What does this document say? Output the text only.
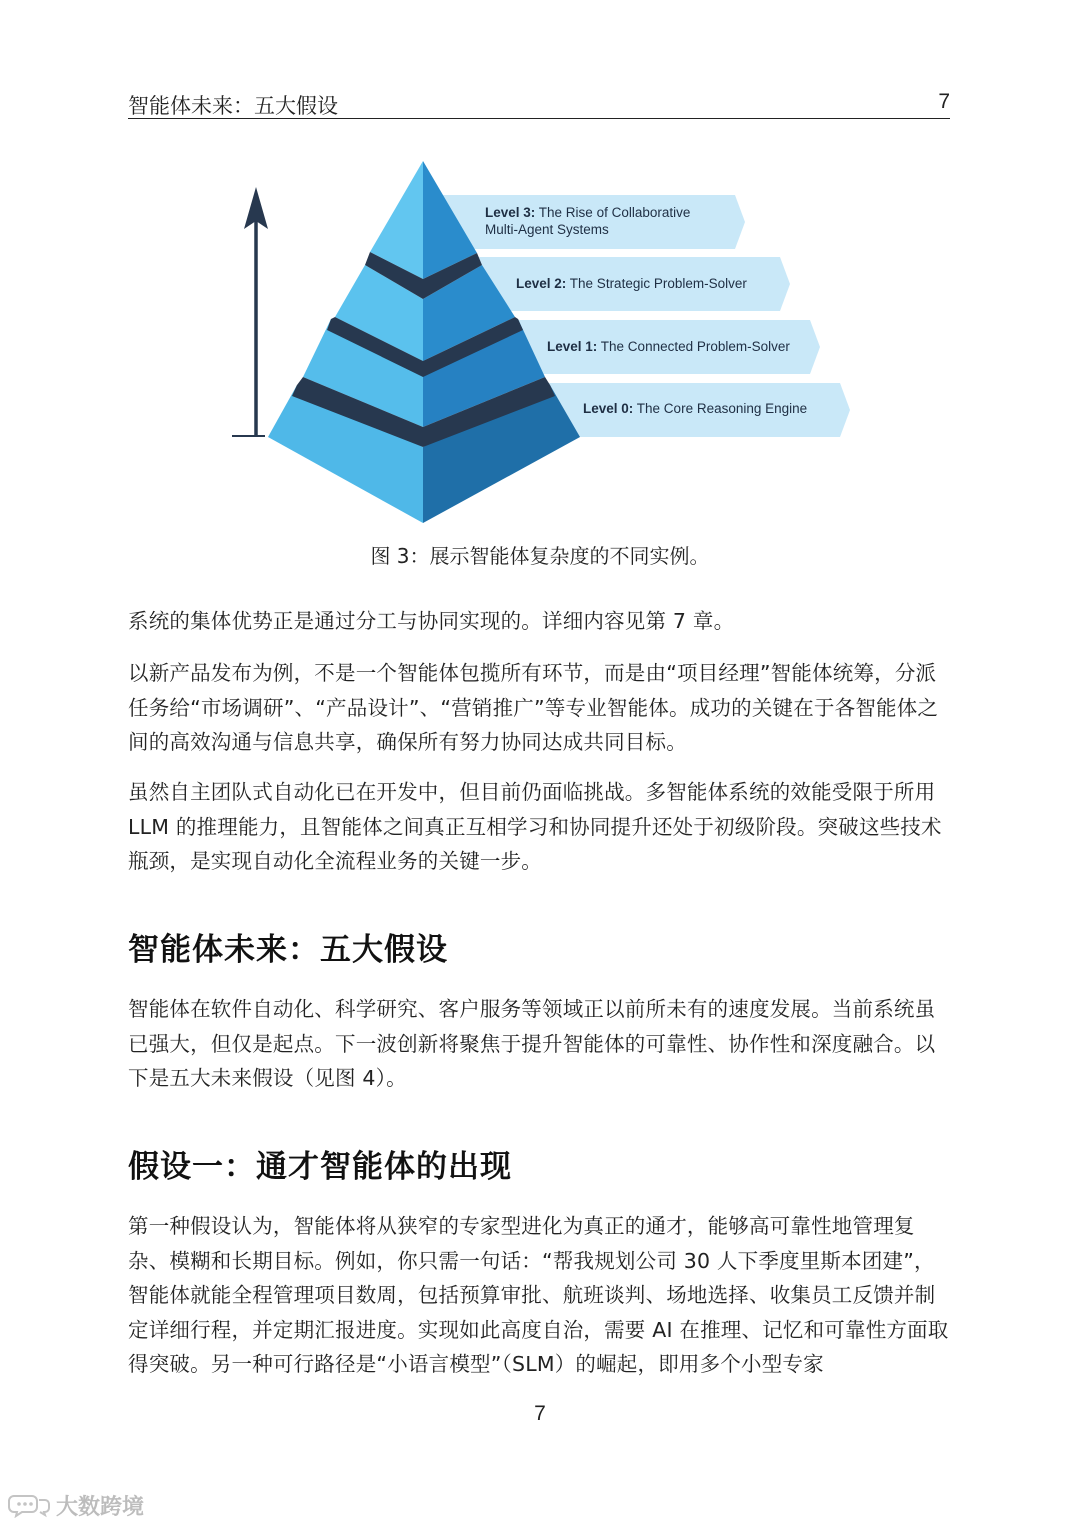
智能体未来：五大假设	7
Level 3: The Rise of Collaborative
Multi-Agent Systems
Level 2: The Strategic Problem-Solver
Level 1: The Connected Problem-Solver
Level 0: The Core Reasoning Engine
图 3：展示智能体复杂度的不同实例。

系统的集体优势正是通过分工与协同实现的。详细内容见第 7 章。

以新产品发布为例，不是一个智能体包揽所有环节，而是由“项目经理”智能体统筹，分派任务给“市场调研”、“产品设计”、“营销推广”等专业智能体。成功的关键在于各智能体之间的高效沟通与信息共享，确保所有努力协同达成共同目标。

虽然自主团队式自动化已在开发中，但目前仍面临挑战。多智能体系统的效能受限于所用 LLM 的推理能力，且智能体之间真正互相学习和协同提升还处于初级阶段。突破这些技术瓶颈，是实现自动化全流程业务的关键一步。

智能体未来：五大假设

智能体在软件自动化、科学研究、客户服务等领域正以前所未有的速度发展。当前系统虽已强大，但仅是起点。下一波创新将聚焦于提升智能体的可靠性、协作性和深度融合。以下是五大未来假设（见图 4）。

假设一：通才智能体的出现

第一种假设认为，智能体将从狭窄的专家型进化为真正的通才，能够高可靠性地管理复杂、模糊和长期目标。例如，你只需一句话：“帮我规划公司 30 人下季度里斯本团建”，智能体就能全程管理项目数周，包括预算审批、航班谈判、场地选择、收集员工反馈并制定详细行程，并定期汇报进度。实现如此高度自治，需要 AI 在推理、记忆和可靠性方面取得突破。另一种可行路径是“小语言模型”（SLM）的崛起，即用多个小型专家

7
大数跨境
